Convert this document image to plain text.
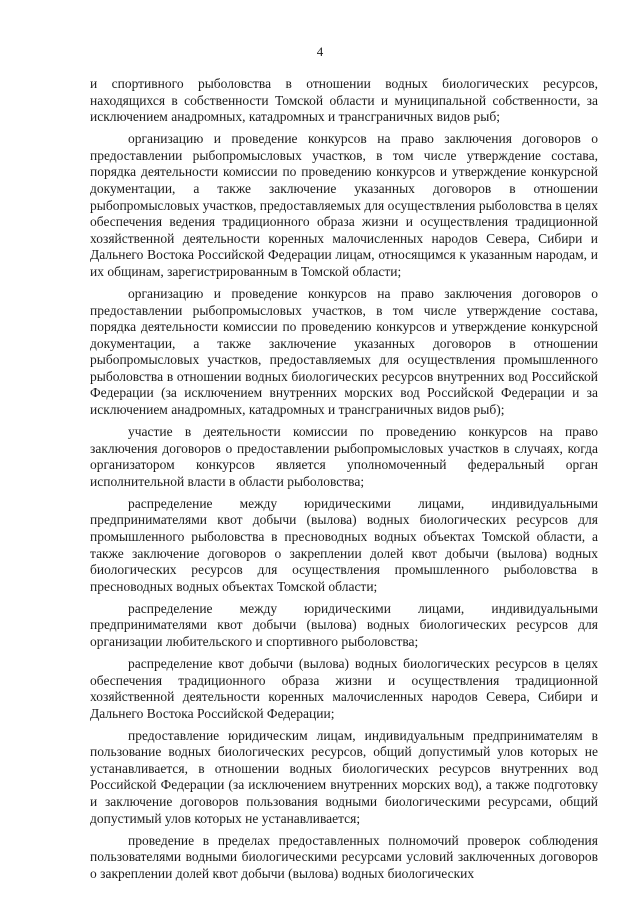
4

и спортивного рыболовства в отношении водных биологических ресурсов, находящихся в собственности Томской области и муниципальной собственности, за исключением анадромных, катадромных и трансграничных видов рыб;

организацию и проведение конкурсов на право заключения договоров о предоставлении рыбопромысловых участков, в том числе утверждение состава, порядка деятельности комиссии по проведению конкурсов и утверждение конкурсной документации, а также заключение указанных договоров в отношении рыбопромысловых участков, предоставляемых для осуществления рыболовства в целях обеспечения ведения традиционного образа жизни и осуществления традиционной хозяйственной деятельности коренных малочисленных народов Севера, Сибири и Дальнего Востока Российской Федерации лицам, относящимся к указанным народам, и их общинам, зарегистрированным в Томской области;

организацию и проведение конкурсов на право заключения договоров о предоставлении рыбопромысловых участков, в том числе утверждение состава, порядка деятельности комиссии по проведению конкурсов и утверждение конкурсной документации, а также заключение указанных договоров в отношении рыбопромысловых участков, предоставляемых для осуществления промышленного рыболовства в отношении водных биологических ресурсов внутренних вод Российской Федерации (за исключением внутренних морских вод Российской Федерации и за исключением анадромных, катадромных и трансграничных видов рыб);

участие в деятельности комиссии по проведению конкурсов на право заключения договоров о предоставлении рыбопромысловых участков в случаях, когда организатором конкурсов является уполномоченный федеральный орган исполнительной власти в области рыболовства;

распределение между юридическими лицами, индивидуальными предпринимателями квот добычи (вылова) водных биологических ресурсов для промышленного рыболовства в пресноводных водных объектах Томской области, а также заключение договоров о закреплении долей квот добычи (вылова) водных биологических ресурсов для осуществления промышленного рыболовства в пресноводных водных объектах Томской области;

распределение между юридическими лицами, индивидуальными предпринимателями квот добычи (вылова) водных биологических ресурсов для организации любительского и спортивного рыболовства;

распределение квот добычи (вылова) водных биологических ресурсов в целях обеспечения традиционного образа жизни и осуществления традиционной хозяйственной деятельности коренных малочисленных народов Севера, Сибири и Дальнего Востока Российской Федерации;

предоставление юридическим лицам, индивидуальным предпринимателям в пользование водных биологических ресурсов, общий допустимый улов которых не устанавливается, в отношении водных биологических ресурсов внутренних вод Российской Федерации (за исключением внутренних морских вод), а также подготовку и заключение договоров пользования водными биологическими ресурсами, общий допустимый улов которых не устанавливается;

проведение в пределах предоставленных полномочий проверок соблюдения пользователями водными биологическими ресурсами условий заключенных договоров о закреплении долей квот добычи (вылова) водных биологических
